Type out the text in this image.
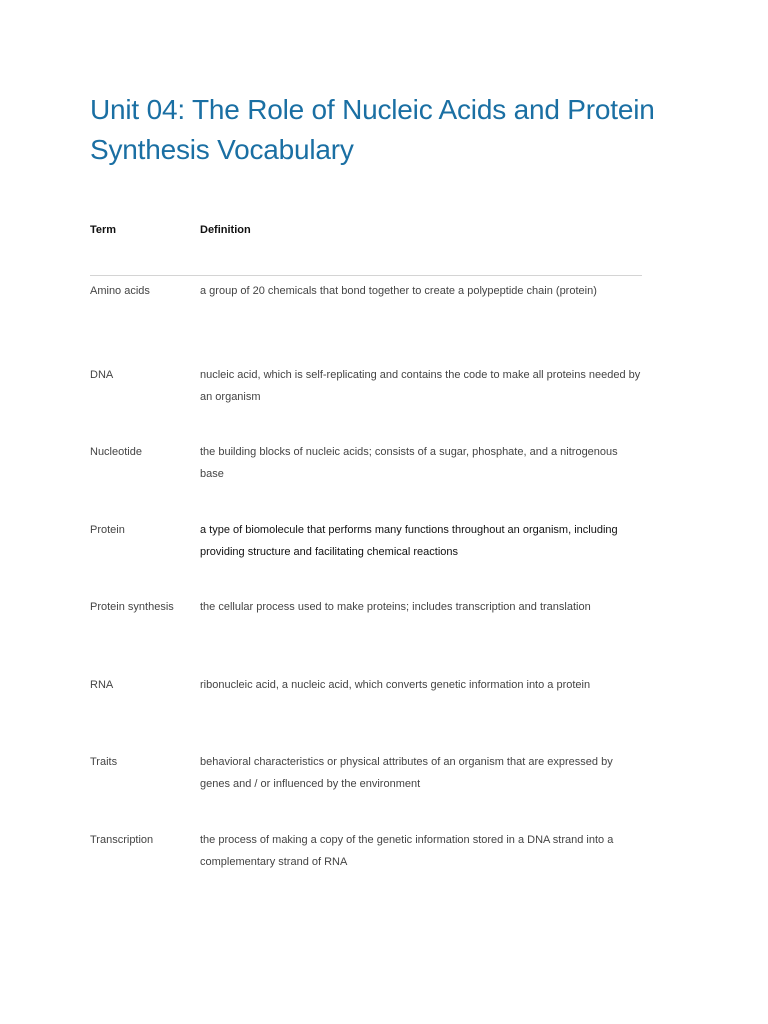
Unit 04: The Role of Nucleic Acids and Protein Synthesis Vocabulary
Term	Definition
Amino acids	a group of 20 chemicals that bond together to create a polypeptide chain (protein)
DNA	nucleic acid, which is self-replicating and contains the code to make all proteins needed by an organism
Nucleotide	the building blocks of nucleic acids; consists of a sugar, phosphate, and a nitrogenous base
Protein	a type of biomolecule that performs many functions throughout an organism, including providing structure and facilitating chemical reactions
Protein synthesis	the cellular process used to make proteins; includes transcription and translation
RNA	ribonucleic acid, a nucleic acid, which converts genetic information into a protein
Traits	behavioral characteristics or physical attributes of an organism that are expressed by genes and / or influenced by the environment
Transcription	the process of making a copy of the genetic information stored in a DNA strand into a complementary strand of RNA
